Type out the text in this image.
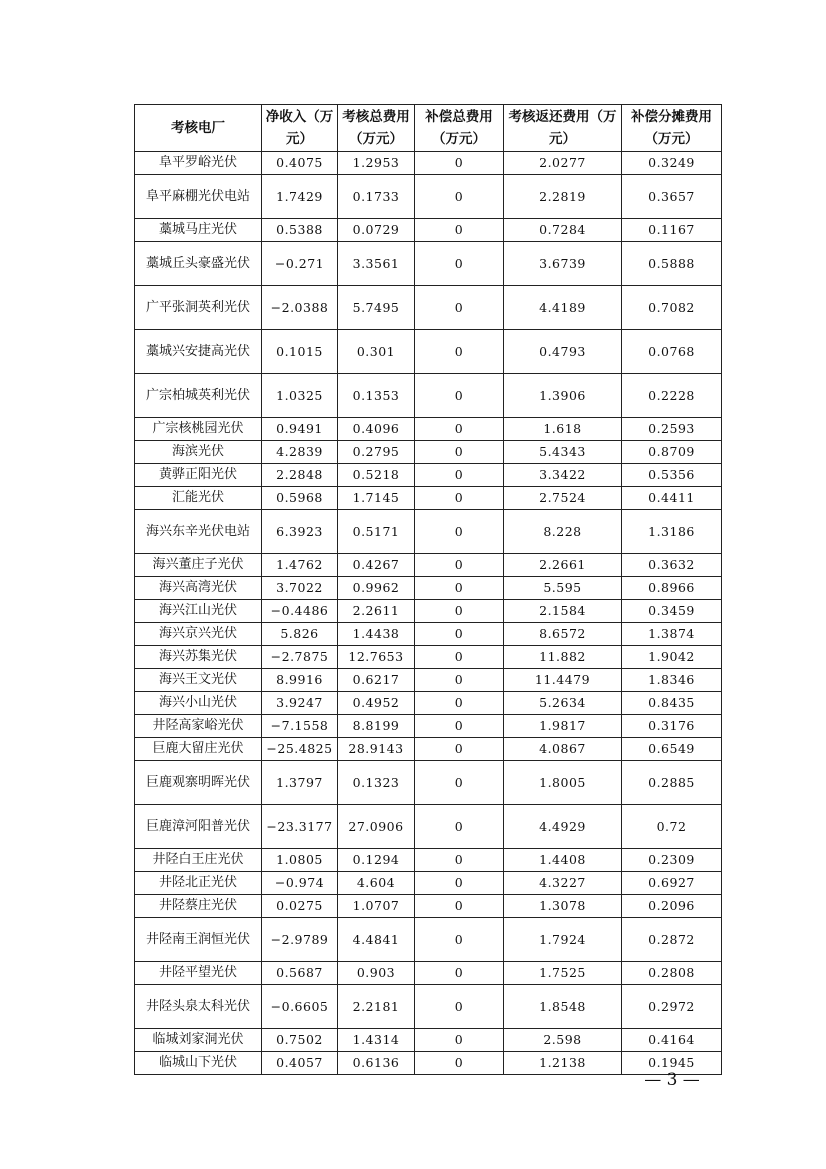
考核电厂	净收入（万元）	考核总费用（万元）	补偿总费用（万元）	考核返还费用（万元）	补偿分摊费用（万元）
阜平罗峪光伏	0.4075	1.2953	0	2.0277	0.3249
阜平麻棚光伏电站	1.7429	0.1733	0	2.2819	0.3657
藁城马庄光伏	0.5388	0.0729	0	0.7284	0.1167
藁城丘头豪盛光伏	−0.271	3.3561	0	3.6739	0.5888
广平张洞英利光伏	−2.0388	5.7495	0	4.4189	0.7082
藁城兴安捷高光伏	0.1015	0.301	0	0.4793	0.0768
广宗柏城英利光伏	1.0325	0.1353	0	1.3906	0.2228
广宗核桃园光伏	0.9491	0.4096	0	1.618	0.2593
海滨光伏	4.2839	0.2795	0	5.4343	0.8709
黄骅正阳光伏	2.2848	0.5218	0	3.3422	0.5356
汇能光伏	0.5968	1.7145	0	2.7524	0.4411
海兴东辛光伏电站	6.3923	0.5171	0	8.228	1.3186
海兴董庄子光伏	1.4762	0.4267	0	2.2661	0.3632
海兴高湾光伏	3.7022	0.9962	0	5.595	0.8966
海兴江山光伏	−0.4486	2.2611	0	2.1584	0.3459
海兴京兴光伏	5.826	1.4438	0	8.6572	1.3874
海兴苏集光伏	−2.7875	12.7653	0	11.882	1.9042
海兴王文光伏	8.9916	0.6217	0	11.4479	1.8346
海兴小山光伏	3.9247	0.4952	0	5.2634	0.8435
井陉高家峪光伏	−7.1558	8.8199	0	1.9817	0.3176
巨鹿大留庄光伏	−25.4825	28.9143	0	4.0867	0.6549
巨鹿观寨明晖光伏	1.3797	0.1323	0	1.8005	0.2885
巨鹿漳河阳普光伏	−23.3177	27.0906	0	4.4929	0.72
井陉白王庄光伏	1.0805	0.1294	0	1.4408	0.2309
井陉北正光伏	−0.974	4.604	0	4.3227	0.6927
井陉蔡庄光伏	0.0275	1.0707	0	1.3078	0.2096
井陉南王润恒光伏	−2.9789	4.4841	0	1.7924	0.2872
井陉平望光伏	0.5687	0.903	0	1.7525	0.2808
井陉头泉太科光伏	−0.6605	2.2181	0	1.8548	0.2972
临城刘家洞光伏	0.7502	1.4314	0	2.598	0.4164
临城山下光伏	0.4057	0.6136	0	1.2138	0.1945
— 3 —
